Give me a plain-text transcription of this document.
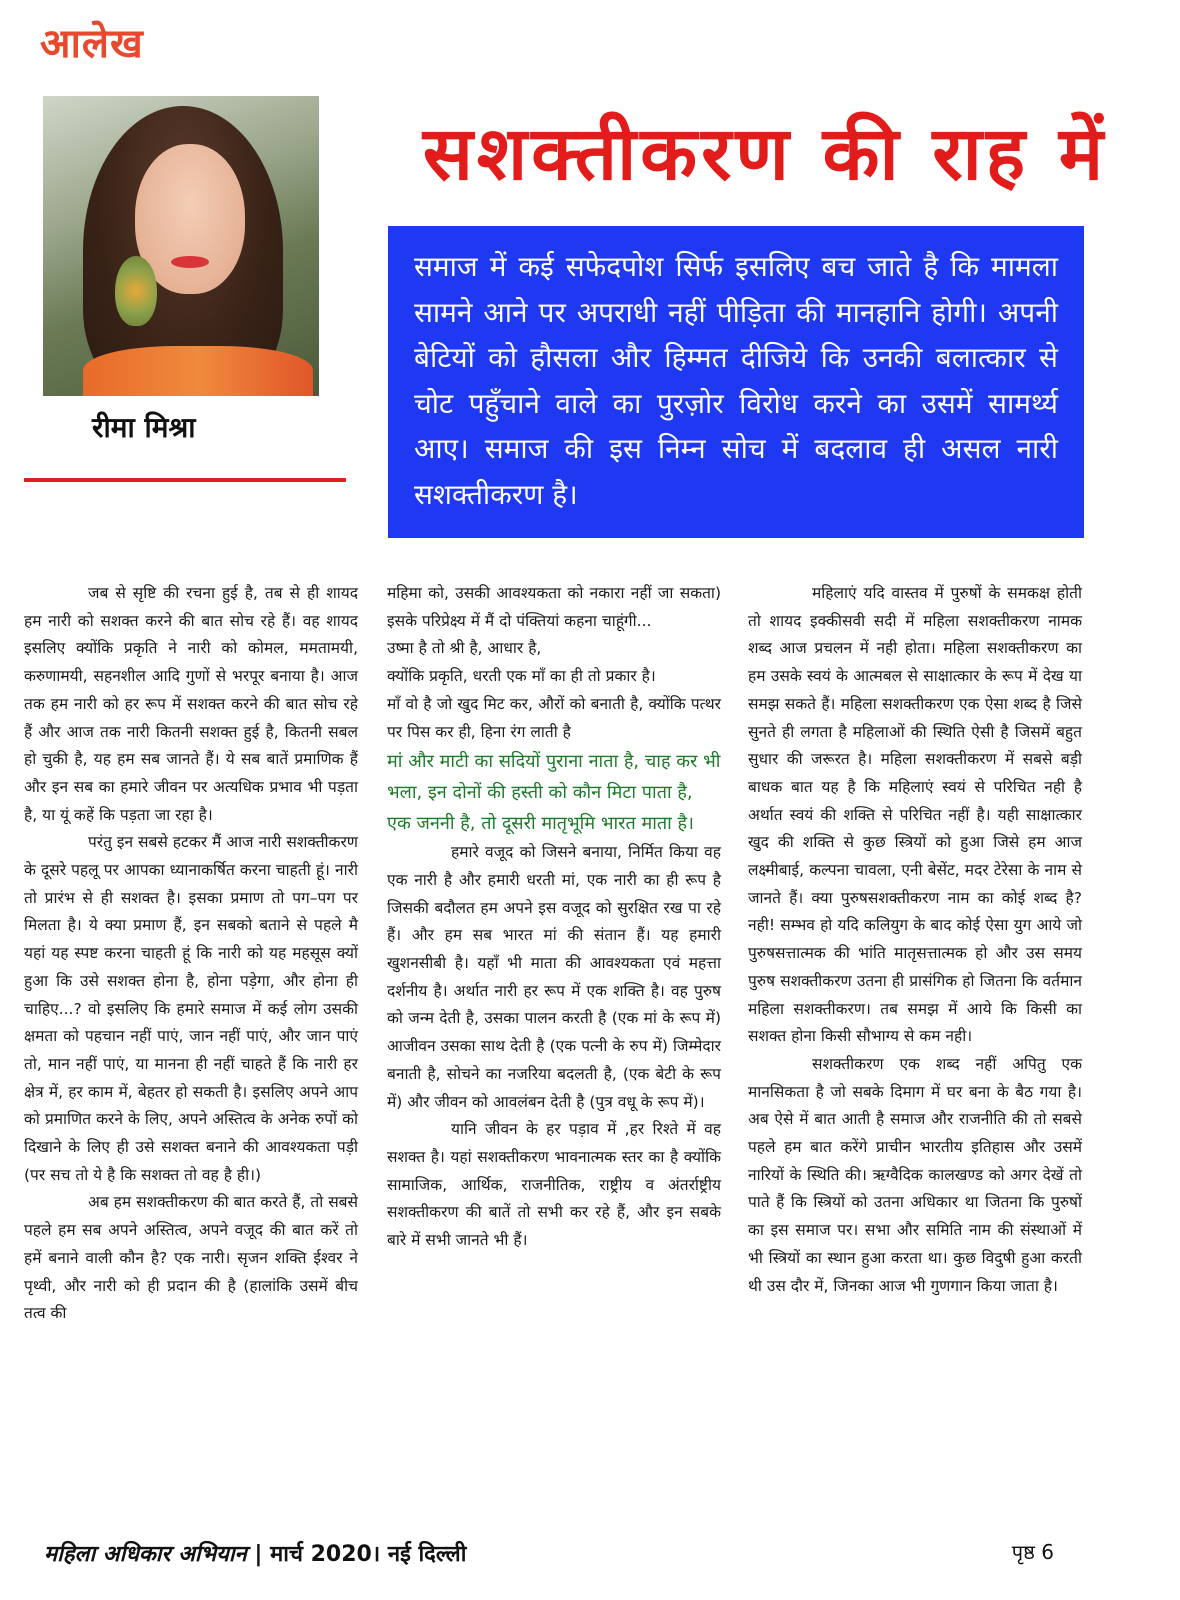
आलेख
रीमा मिश्रा
सशक्तीकरण की राह में

समाज में कई सफेदपोश सिर्फ इसलिए बच जाते है कि मामला सामने आने पर अपराधी नहीं पीड़िता की मानहानि होगी। अपनी बेटियों को हौसला और हिम्मत दीजिये कि उनकी बलात्कार से चोट पहुँचाने वाले का पुरज़ोर विरोध करने का उसमें सामर्थ्य आए। समाज की इस निम्न सोच में बदलाव ही असल नारी सशक्तीकरण है।

जब से सृष्टि की रचना हुई है, तब से ही शायद हम नारी को सशक्त करने की बात सोच रहे हैं। वह शायद इसलिए क्योंकि प्रकृति ने नारी को कोमल, ममतामयी, करुणामयी, सहनशील आदि गुणों से भरपूर बनाया है। आज तक हम नारी को हर रूप में सशक्त करने की बात सोच रहे हैं और आज तक नारी कितनी सशक्त हुई है, कितनी सबल हो चुकी है, यह हम सब जानते हैं। ये सब बातें प्रमाणिक हैं और इन सब का हमारे जीवन पर अत्यधिक प्रभाव भी पड़ता है, या यूं कहें कि पड़ता जा रहा है।

परंतु इन सबसे हटकर मैं आज नारी सशक्तीकरण के दूसरे पहलू पर आपका ध्यानाकर्षित करना चाहती हूं। नारी तो प्रारंभ से ही सशक्त है। इसका प्रमाण तो पग–पग पर मिलता है। ये क्या प्रमाण हैं, इन सबको बताने से पहले मै यहां यह स्पष्ट करना चाहती हूं कि नारी को यह महसूस क्यों हुआ कि उसे सशक्त होना है, होना पड़ेगा, और होना ही चाहिए...? वो इसलिए कि हमारे समाज में कई लोग उसकी क्षमता को पहचान नहीं पाएं, जान नहीं पाएं, और जान पाएं तो, मान नहीं पाएं, या मानना ही नहीं चाहते हैं कि नारी हर क्षेत्र में, हर काम में, बेहतर हो सकती है। इसलिए अपने आप को प्रमाणित करने के लिए, अपने अस्तित्व के अनेक रुपों को दिखाने के लिए ही उसे सशक्त बनाने की आवश्यकता पड़ी (पर सच तो ये है कि सशक्त तो वह है ही।)

अब हम सशक्तीकरण की बात करते हैं, तो सबसे पहले हम सब अपने अस्तित्व, अपने वजूद की बात करें तो हमें बनाने वाली कौन है? एक नारी। सृजन शक्ति ईश्वर ने पृथ्वी, और नारी को ही प्रदान की है (हालांकि उसमें बीच तत्व की

महिमा को, उसकी आवश्यकता को नकारा नहीं जा सकता) इसके परिप्रेक्ष्य में मैं दो पंक्तियां कहना चाहूंगी...

उष्मा है तो श्री है, आधार है,

क्योंकि प्रकृति, धरती एक माँ का ही तो प्रकार है।

माँ वो है जो खुद मिट कर, औरों को बनाती है, क्योंकि पत्थर पर पिस कर ही, हिना रंग लाती है

मां और माटी का सदियों पुराना नाता है, चाह कर भी भला, इन दोनों की हस्ती को कौन मिटा पाता है, एक जननी है, तो दूसरी मातृभूमि भारत माता है।

हमारे वजूद को जिसने बनाया, निर्मित किया वह एक नारी है और हमारी धरती मां, एक नारी का ही रूप है जिसकी बदौलत हम अपने इस वजूद को सुरक्षित रख पा रहे हैं। और हम सब भारत मां की संतान हैं। यह हमारी खुशनसीबी है। यहाँ भी माता की आवश्यकता एवं महत्ता दर्शनीय है। अर्थात नारी हर रूप में एक शक्ति है। वह पुरुष को जन्म देती है, उसका पालन करती है (एक मां के रूप में) आजीवन उसका साथ देती है (एक पत्नी के रुप में) जिम्मेदार बनाती है, सोचने का नजरिया बदलती है, (एक बेटी के रूप में) और जीवन को आवलंबन देती है (पुत्र वधू के रूप में)।

यानि जीवन के हर पड़ाव में ,हर रिश्ते में वह सशक्त है। यहां सशक्तीकरण भावनात्मक स्तर का है क्योंकि सामाजिक, आर्थिक, राजनीतिक, राष्ट्रीय व अंतर्राष्ट्रीय सशक्तीकरण की बातें तो सभी कर रहे हैं, और इन सबके बारे में सभी जानते भी हैं।

महिलाएं यदि वास्तव में पुरुषों के समकक्ष होती तो शायद इक्कीसवी सदी में महिला सशक्तीकरण नामक शब्द आज प्रचलन में नही होता। महिला सशक्तीकरण का हम उसके स्वयं के आत्मबल से साक्षात्कार के रूप में देख या समझ सकते हैं। महिला सशक्तीकरण एक ऐसा शब्द है जिसे सुनते ही लगता है महिलाओं की स्थिति ऐसी है जिसमें बहुत सुधार की जरूरत है। महिला सशक्तीकरण में सबसे बड़ी बाधक बात यह है कि महिलाएं स्वयं से परिचित नही है अर्थात स्वयं की शक्ति से परिचित नहीं है। यही साक्षात्कार खुद की शक्ति से कुछ स्त्रियों को हुआ जिसे हम आज लक्ष्मीबाई, कल्पना चावला, एनी बेसेंट, मदर टेरेसा के नाम से जानते हैं। क्या पुरुषसशक्तीकरण नाम का कोई शब्द है? नही! सम्भव हो यदि कलियुग के बाद कोई ऐसा युग आये जो पुरुषसत्तात्मक की भांति मातृसत्तात्मक हो और उस समय पुरुष सशक्तीकरण उतना ही प्रासंगिक हो जितना कि वर्तमान महिला सशक्तीकरण। तब समझ में आये कि किसी का सशक्त होना किसी सौभाग्य से कम नही।

सशक्तीकरण एक शब्द नहीं अपितु एक मानसिकता है जो सबके दिमाग में घर बना के बैठ गया है। अब ऐसे में बात आती है समाज और राजनीति की तो सबसे पहले हम बात करेंगे प्राचीन भारतीय इतिहास और उसमें नारियों के स्थिति की। ऋग्वैदिक कालखण्ड को अगर देखें तो पाते हैं कि स्त्रियों को उतना अधिकार था जितना कि पुरुषों का इस समाज पर। सभा और समिति नाम की संस्थाओं में भी स्त्रियों का स्थान हुआ करता था। कुछ विदुषी हुआ करती थी उस दौर में, जिनका आज भी गुणगान किया जाता है।

महिला अधिकार अभियान | मार्च 2020। नई दिल्ली	पृष्ठ 6
